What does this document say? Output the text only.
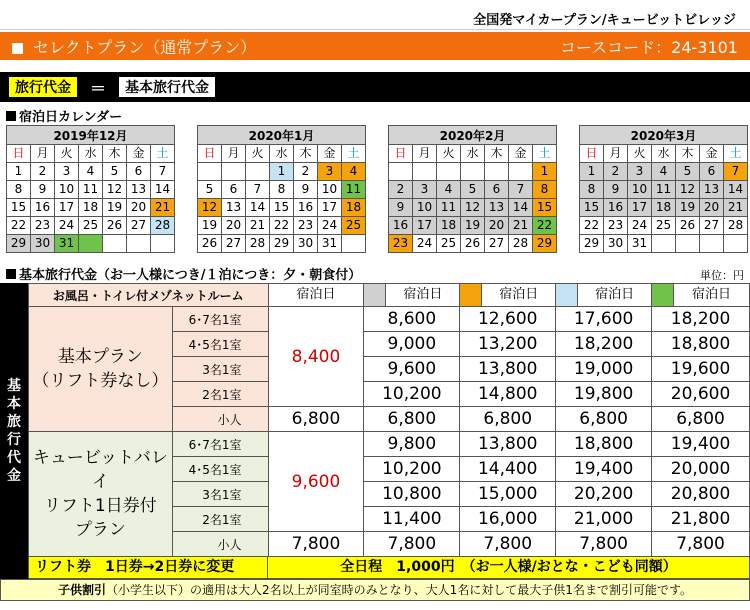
全国発マイカープラン/キュービットビレッジ
セレクトプラン（通常プラン）	コースコード：24-3101
旅行代金	＝	基本旅行代金
宿泊日カレンダー
2019年12月						
日	月	火	水	木	金	土
1	2	3	4	5	6	7
8	9	10	11	12	13	14
15	16	17	18	19	20	21
22	23	24	25	26	27	28
29	30	31				
2020年1月						
日	月	火	水	木	金	土
			1	2	3	4
5	6	7	8	9	10	11
12	13	14	15	16	17	18
19	20	21	22	23	24	25
26	27	28	29	30	31	
2020年2月						
日	月	火	水	木	金	土
						1
2	3	4	5	6	7	8
9	10	11	12	13	14	15
16	17	18	19	20	21	22
23	24	25	26	27	28	29
2020年3月						
日	月	火	水	木	金	土
1	2	3	4	5	6	7
8	9	10	11	12	13	14
15	16	17	18	19	20	21
22	23	24	25	26	27	28
29	30	31				
基本旅行代金（お一人様につき/１泊につき：夕・朝食付）	単位：円
基
本
旅
行
代
金
お風呂・トイレ付メゾネットルーム		宿泊日	宿泊日	宿泊日	宿泊日	宿泊日

基本プラン
（リフト券なし）	6･7名1室	8,400	8,600	12,600	17,600	18,200
	4･5名1室		9,000	13,200	18,200	18,800
	3名1室		9,600	13,800	19,000	19,600
	2名1室		10,200	14,800	19,800	20,600
	小人	6,800	6,800	6,800	6,800	6,800
キュービットバレイ
リフト1日券付
プラン	6･7名1室	9,600	9,800	13,800	18,800	19,400
	4･5名1室		10,200	14,400	19,400	20,000
	3名1室		10,800	15,000	20,200	20,800
	2名1室		11,400	16,000	21,000	21,800
	小人	7,800	7,800	7,800	7,800	7,800
リフト券　1日券→2日券に変更	全日程　1,000円　（お一人様/おとな・こども同額）
子供割引（小学生以下）の適用は大人2名以上が同室時のみとなり、大人1名に対して最大子供1名まで割引可能です。
